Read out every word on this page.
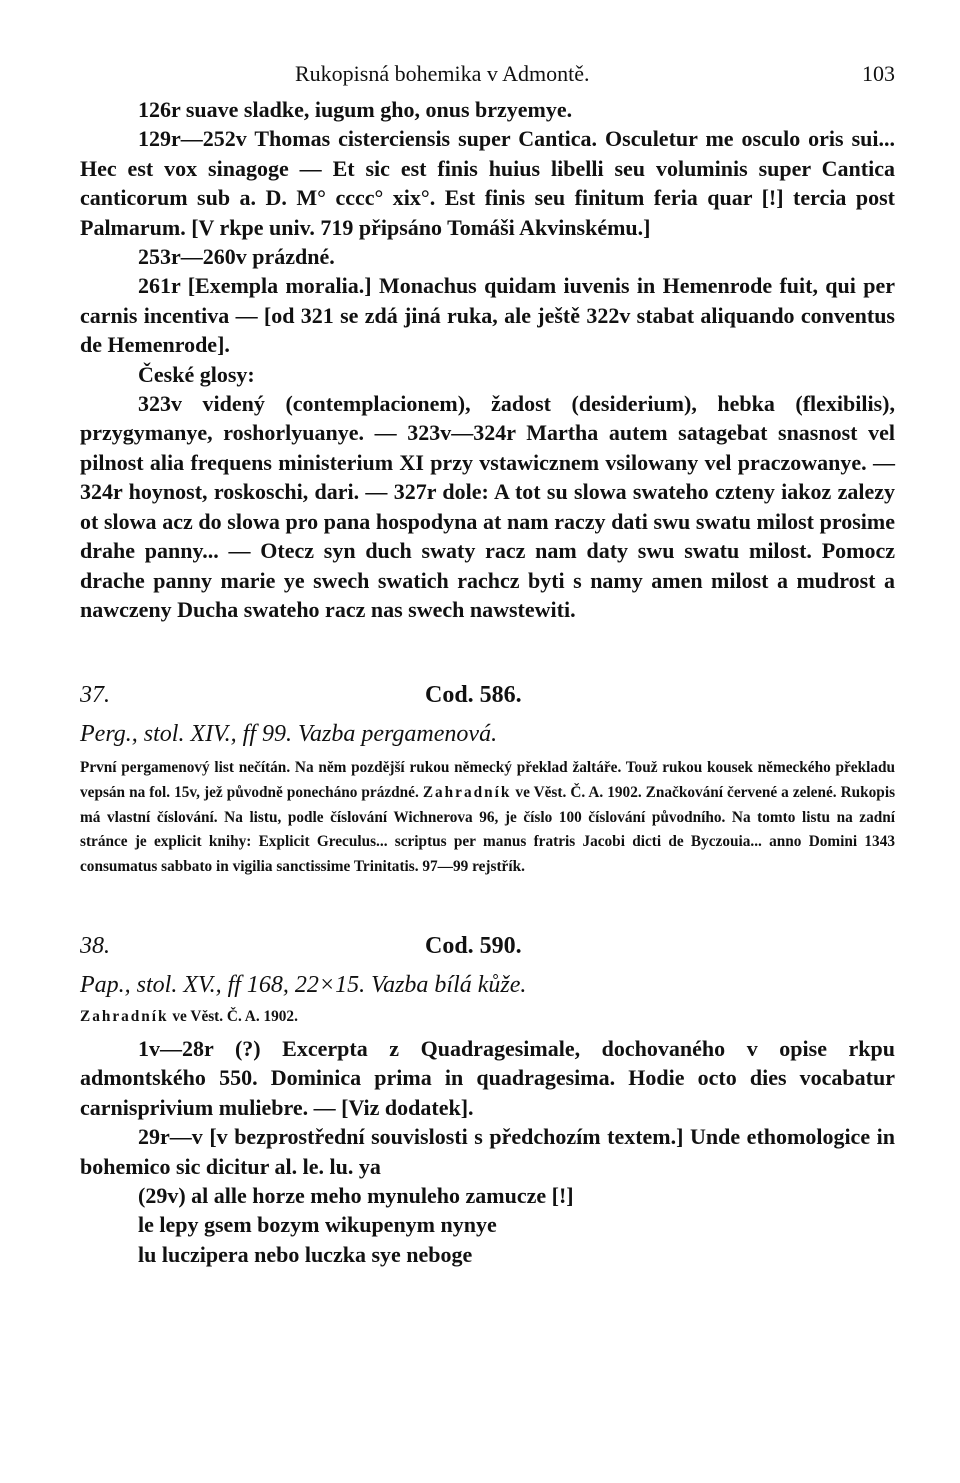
Rukopisná bohemika v Admontě.	103

126r suave sladke, iugum gho, onus brzyemye.

129r—252v Thomas cisterciensis super Cantica. Osculetur me osculo oris sui... Hec est vox sinagoge — Et sic est finis huius libelli seu voluminis super Cantica canticorum sub a. D. M° cccc° xix°. Est finis seu finitum feria quar [!] tercia post Palmarum. [V rkpe univ. 719 připsáno Tomáši Akvinskému.]

253r—260v prázdné.

261r [Exempla moralia.] Monachus quidam iuvenis in Hemenrode fuit, qui per carnis incentiva — [od 321 se zdá jiná ruka, ale ještě 322v stabat aliquando conventus de Hemenrode].

České glosy:

323v videný (contemplacionem), žadost (desiderium), hebka (flexibilis), przygymanye, roshorlyuanye. — 323v—324r Martha autem satagebat snasnost vel pilnost alia frequens ministerium XI przy vstawicznem vsilowany vel praczowanye. — 324r hoynost, roskoschi, dari. — 327r dole: A tot su slowa swateho czteny iakoz zalezy ot slowa acz do slowa pro pana hospodyna at nam raczy dati swu swatu milost prosime drahe panny... — Otecz syn duch swaty racz nam daty swu swatu milost. Pomocz drache panny marie ye swech swatich rachcz byti s namy amen milost a mudrost a nawczeny Ducha swateho racz nas swech nawstewiti.

37.	Cod. 586.

Perg., stol. XIV., ff 99. Vazba pergamenová.

První pergamenový list nečítán. Na něm pozdější rukou německý překlad žaltáře. Touž rukou kousek německého překladu vepsán na fol. 15v, jež původně ponecháno prázdné. Zahradník ve Věst. Č. A. 1902. Značkování červené a zelené. Rukopis má vlastní číslování. Na listu, podle číslování Wichnerova 96, je číslo 100 číslování původního. Na tomto listu na zadní stránce je explicit knihy: Explicit Greculus... scriptus per manus fratris Jacobi dicti de Byczouia... anno Domini 1343 consumatus sabbato in vigilia sanctissime Trinitatis. 97—99 rejstřík.

38.	Cod. 590.

Pap., stol. XV., ff 168, 22×15. Vazba bílá kůže.

Zahradník ve Věst. Č. A. 1902.

1v—28r (?) Excerpta z Quadragesimale, dochovaného v opise rkpu admontského 550. Dominica prima in quadragesima. Hodie octo dies vocabatur carnisprivium muliebre. — [Viz dodatek].

29r—v [v bezprostřední souvislosti s předchozím textem.] Unde ethomologice in bohemico sic dicitur al. le. lu. ya

(29v) al alle horze meho mynuleho zamucze [!]

le lepy gsem bozym wikupenym nynye

lu luczipera nebo luczka sye neboge
